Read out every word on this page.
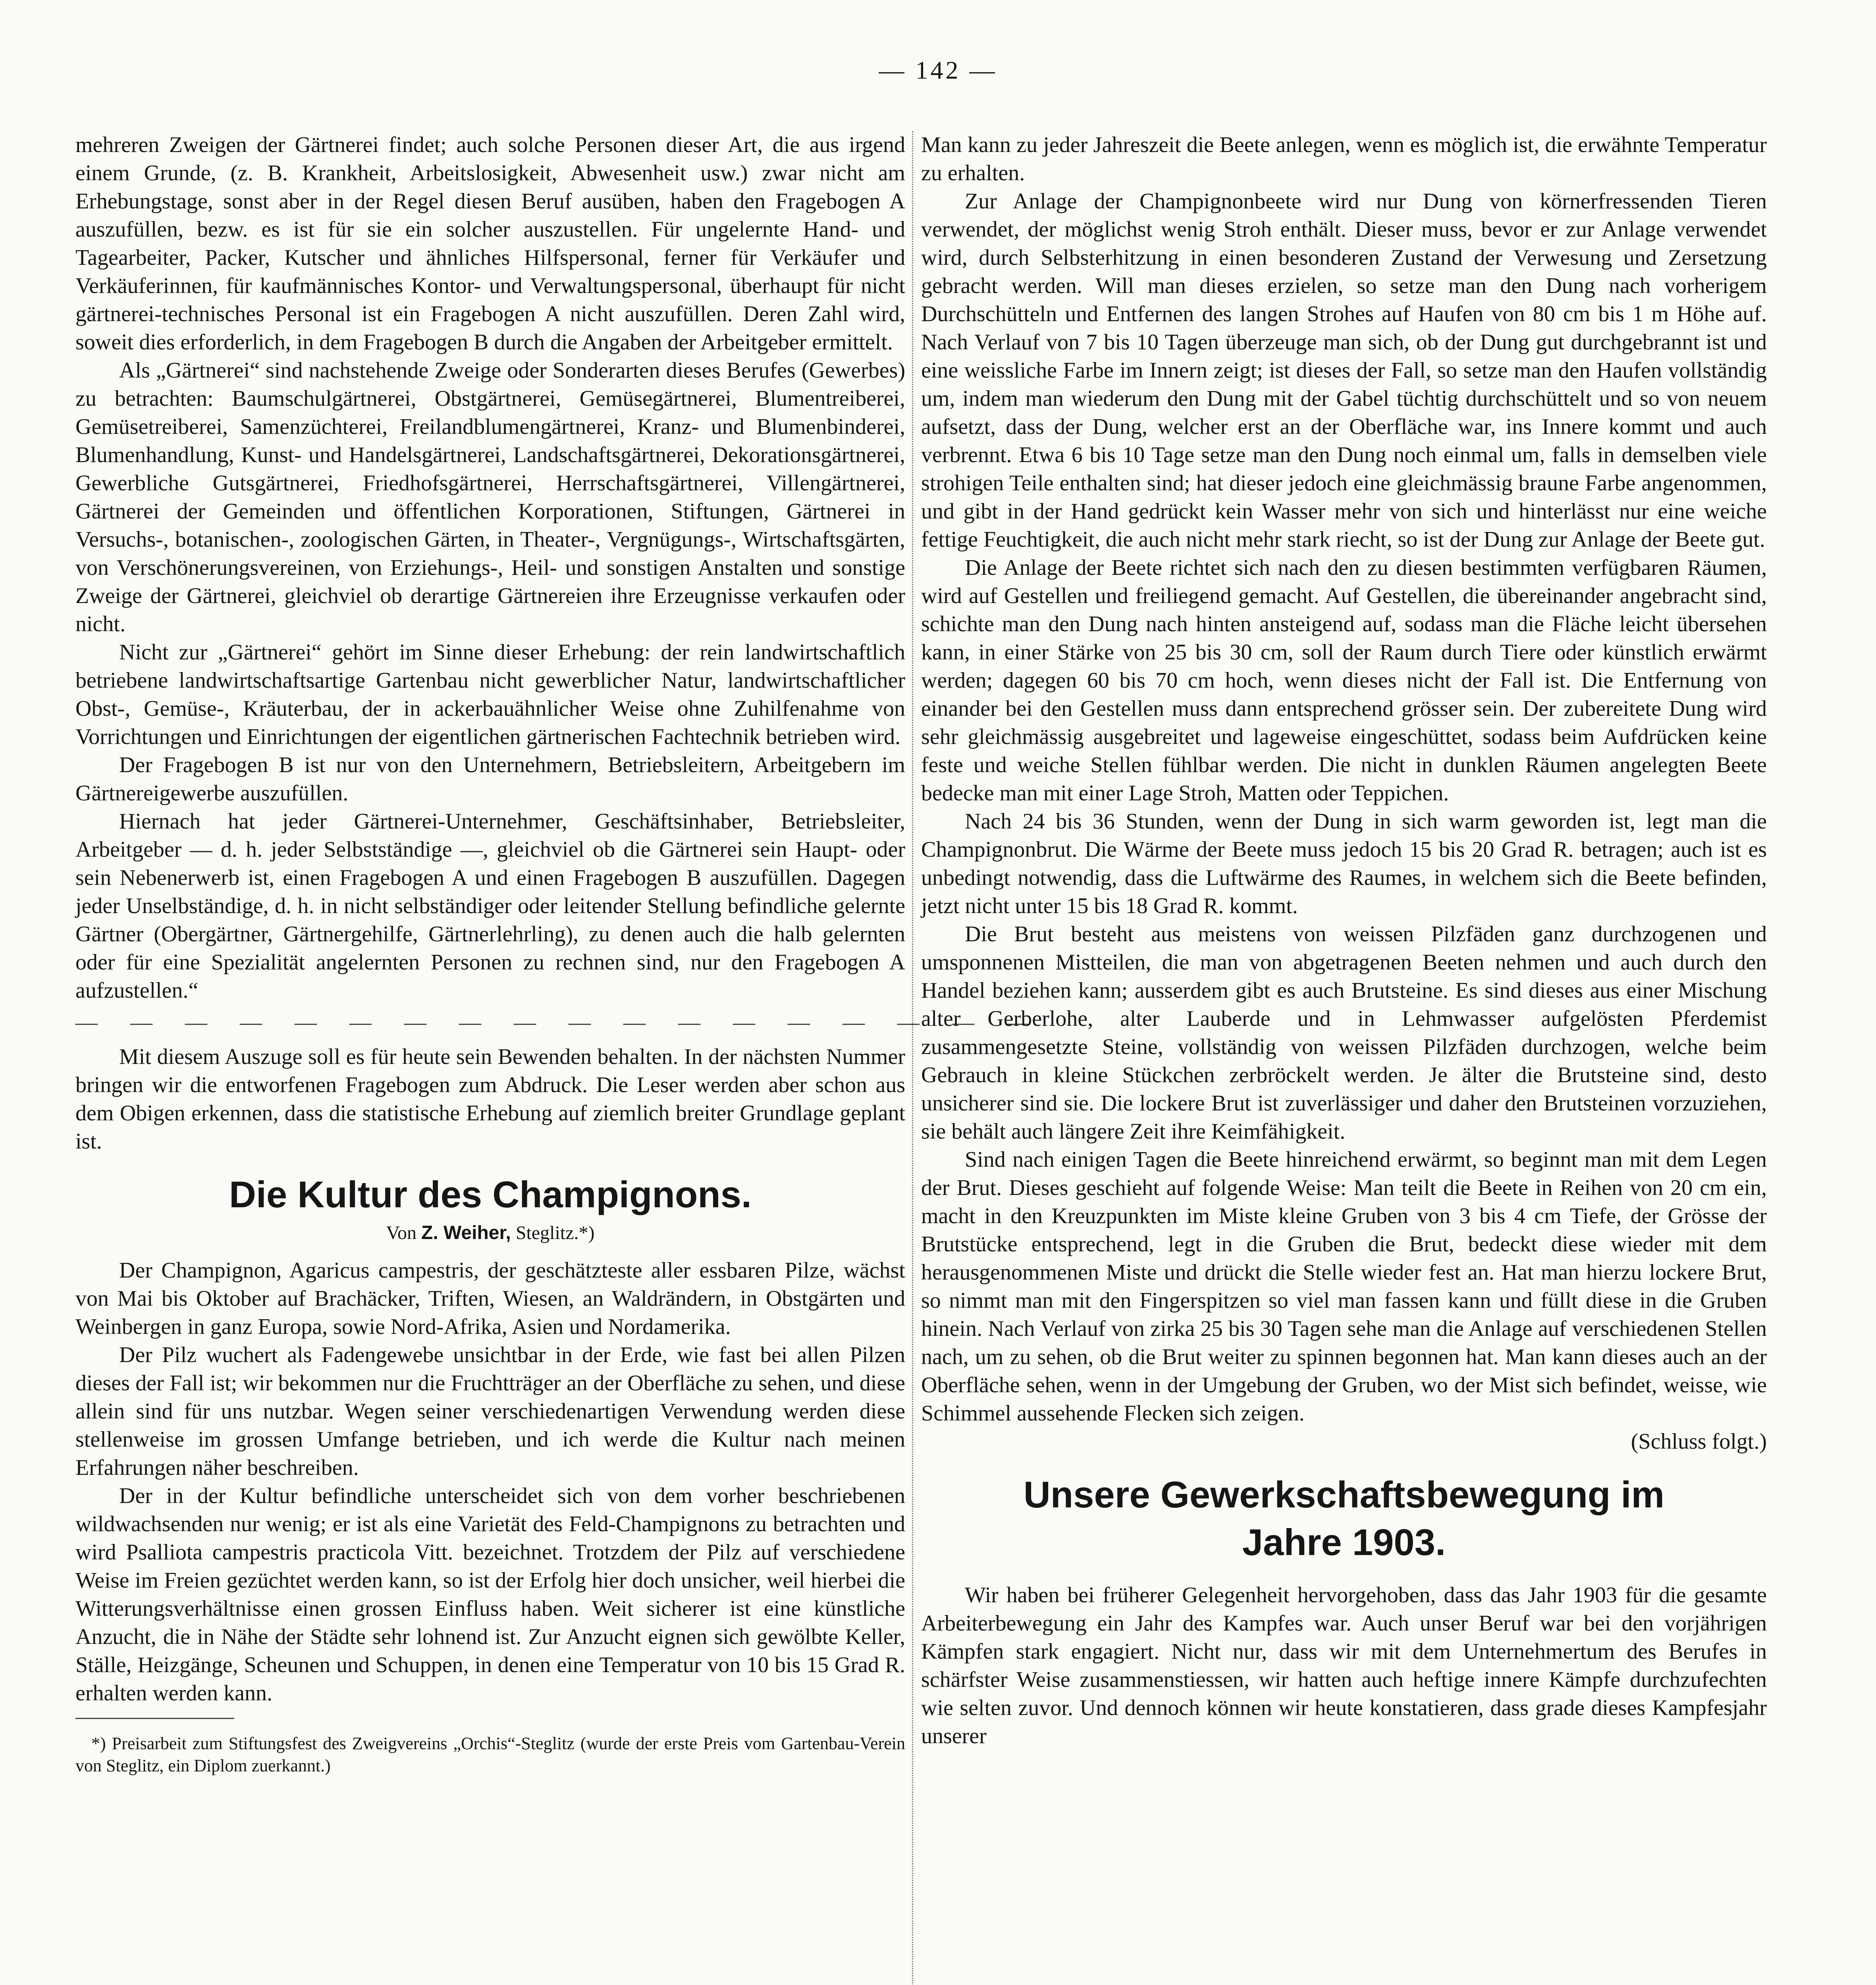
— 142 —

mehreren Zweigen der Gärtnerei findet; auch solche Personen dieser Art, die aus irgend einem Grunde, (z. B. Krankheit, Arbeitslosigkeit, Abwesenheit usw.) zwar nicht am Erhebungstage, sonst aber in der Regel diesen Beruf ausüben, haben den Fragebogen A auszufüllen, bezw. es ist für sie ein solcher auszustellen. Für ungelernte Hand- und Tagearbeiter, Packer, Kutscher und ähnliches Hilfspersonal, ferner für Verkäufer und Verkäuferinnen, für kaufmännisches Kontor- und Verwaltungspersonal, überhaupt für nicht gärtnerei-technisches Personal ist ein Fragebogen A nicht auszufüllen. Deren Zahl wird, soweit dies erforderlich, in dem Fragebogen B durch die Angaben der Arbeitgeber ermittelt.

Als „Gärtnerei“ sind nachstehende Zweige oder Sonderarten dieses Berufes (Gewerbes) zu betrachten: Baumschulgärtnerei, Obstgärtnerei, Gemüsegärtnerei, Blumentreiberei, Gemüsetreiberei, Samenzüchterei, Freilandblumengärtnerei, Kranz- und Blumenbinderei, Blumenhandlung, Kunst- und Handelsgärtnerei, Landschaftsgärtnerei, Dekorationsgärtnerei, Gewerbliche Gutsgärtnerei, Friedhofsgärtnerei, Herrschaftsgärtnerei, Villengärtnerei, Gärtnerei der Gemeinden und öffentlichen Korporationen, Stiftungen, Gärtnerei in Versuchs-, botanischen-, zoologischen Gärten, in Theater-, Vergnügungs-, Wirtschaftsgärten, von Verschönerungsvereinen, von Erziehungs-, Heil- und sonstigen Anstalten und sonstige Zweige der Gärtnerei, gleichviel ob derartige Gärtnereien ihre Erzeugnisse verkaufen oder nicht.

Nicht zur „Gärtnerei“ gehört im Sinne dieser Erhebung: der rein landwirtschaftlich betriebene landwirtschaftsartige Gartenbau nicht gewerblicher Natur, landwirtschaftlicher Obst-, Gemüse-, Kräuterbau, der in ackerbauähnlicher Weise ohne Zuhilfenahme von Vorrichtungen und Einrichtungen der eigentlichen gärtnerischen Fachtechnik betrieben wird.

Der Fragebogen B ist nur von den Unternehmern, Betriebsleitern, Arbeitgebern im Gärtnereigewerbe auszufüllen.

Hiernach hat jeder Gärtnerei-Unternehmer, Geschäftsinhaber, Betriebsleiter, Arbeitgeber — d. h. jeder Selbstständige —, gleichviel ob die Gärtnerei sein Haupt- oder sein Nebenerwerb ist, einen Fragebogen A und einen Fragebogen B auszufüllen. Dagegen jeder Unselbständige, d. h. in nicht selbständiger oder leitender Stellung befindliche gelernte Gärtner (Obergärtner, Gärtnergehilfe, Gärtnerlehrling), zu denen auch die halb gelernten oder für eine Spezialität angelernten Personen zu rechnen sind, nur den Fragebogen A aufzustellen.“

— — — — — — — — — — — — — — — — — —

Mit diesem Auszuge soll es für heute sein Bewenden behalten. In der nächsten Nummer bringen wir die entworfenen Fragebogen zum Abdruck. Die Leser werden aber schon aus dem Obigen erkennen, dass die statistische Erhebung auf ziemlich breiter Grundlage geplant ist.

Die Kultur des Champignons.
Von Z. Weiher, Steglitz.*)

Der Champignon, Agaricus campestris, der geschätzteste aller essbaren Pilze, wächst von Mai bis Oktober auf Brachäcker, Triften, Wiesen, an Waldrändern, in Obstgärten und Weinbergen in ganz Europa, sowie Nord-Afrika, Asien und Nordamerika.

Der Pilz wuchert als Fadengewebe unsichtbar in der Erde, wie fast bei allen Pilzen dieses der Fall ist; wir bekommen nur die Fruchtträger an der Oberfläche zu sehen, und diese allein sind für uns nutzbar. Wegen seiner verschiedenartigen Verwendung werden diese stellenweise im grossen Umfange betrieben, und ich werde die Kultur nach meinen Erfahrungen näher beschreiben.

Der in der Kultur befindliche unterscheidet sich von dem vorher beschriebenen wildwachsenden nur wenig; er ist als eine Varietät des Feld-Champignons zu betrachten und wird Psalliota campestris practicola Vitt. bezeichnet. Trotzdem der Pilz auf verschiedene Weise im Freien gezüchtet werden kann, so ist der Erfolg hier doch unsicher, weil hierbei die Witterungsverhältnisse einen grossen Einfluss haben. Weit sicherer ist eine künstliche Anzucht, die in Nähe der Städte sehr lohnend ist. Zur Anzucht eignen sich gewölbte Keller, Ställe, Heizgänge, Scheunen und Schuppen, in denen eine Temperatur von 10 bis 15 Grad R. erhalten werden kann.

*) Preisarbeit zum Stiftungsfest des Zweigvereins „Orchis“-Steglitz (wurde der erste Preis vom Gartenbau-Verein von Steglitz, ein Diplom zuerkannt.)

Man kann zu jeder Jahreszeit die Beete anlegen, wenn es möglich ist, die erwähnte Temperatur zu erhalten.

Zur Anlage der Champignonbeete wird nur Dung von körnerfressenden Tieren verwendet, der möglichst wenig Stroh enthält. Dieser muss, bevor er zur Anlage verwendet wird, durch Selbsterhitzung in einen besonderen Zustand der Verwesung und Zersetzung gebracht werden. Will man dieses erzielen, so setze man den Dung nach vorherigem Durchschütteln und Entfernen des langen Strohes auf Haufen von 80 cm bis 1 m Höhe auf. Nach Verlauf von 7 bis 10 Tagen überzeuge man sich, ob der Dung gut durchgebrannt ist und eine weissliche Farbe im Innern zeigt; ist dieses der Fall, so setze man den Haufen vollständig um, indem man wiederum den Dung mit der Gabel tüchtig durchschüttelt und so von neuem aufsetzt, dass der Dung, welcher erst an der Oberfläche war, ins Innere kommt und auch verbrennt. Etwa 6 bis 10 Tage setze man den Dung noch einmal um, falls in demselben viele strohigen Teile enthalten sind; hat dieser jedoch eine gleichmässig braune Farbe angenommen, und gibt in der Hand gedrückt kein Wasser mehr von sich und hinterlässt nur eine weiche fettige Feuchtigkeit, die auch nicht mehr stark riecht, so ist der Dung zur Anlage der Beete gut.

Die Anlage der Beete richtet sich nach den zu diesen bestimmten verfügbaren Räumen, wird auf Gestellen und freiliegend gemacht. Auf Gestellen, die übereinander angebracht sind, schichte man den Dung nach hinten ansteigend auf, sodass man die Fläche leicht übersehen kann, in einer Stärke von 25 bis 30 cm, soll der Raum durch Tiere oder künstlich erwärmt werden; dagegen 60 bis 70 cm hoch, wenn dieses nicht der Fall ist. Die Entfernung von einander bei den Gestellen muss dann entsprechend grösser sein. Der zubereitete Dung wird sehr gleichmässig ausgebreitet und lageweise eingeschüttet, sodass beim Aufdrücken keine feste und weiche Stellen fühlbar werden. Die nicht in dunklen Räumen angelegten Beete bedecke man mit einer Lage Stroh, Matten oder Teppichen.

Nach 24 bis 36 Stunden, wenn der Dung in sich warm geworden ist, legt man die Champignonbrut. Die Wärme der Beete muss jedoch 15 bis 20 Grad R. betragen; auch ist es unbedingt notwendig, dass die Luftwärme des Raumes, in welchem sich die Beete befinden, jetzt nicht unter 15 bis 18 Grad R. kommt.

Die Brut besteht aus meistens von weissen Pilzfäden ganz durchzogenen und umsponnenen Mistteilen, die man von abgetragenen Beeten nehmen und auch durch den Handel beziehen kann; ausserdem gibt es auch Brutsteine. Es sind dieses aus einer Mischung alter Gerberlohe, alter Lauberde und in Lehmwasser aufgelösten Pferdemist zusammengesetzte Steine, vollständig von weissen Pilzfäden durchzogen, welche beim Gebrauch in kleine Stückchen zerbröckelt werden. Je älter die Brutsteine sind, desto unsicherer sind sie. Die lockere Brut ist zuverlässiger und daher den Brutsteinen vorzuziehen, sie behält auch längere Zeit ihre Keimfähigkeit.

Sind nach einigen Tagen die Beete hinreichend erwärmt, so beginnt man mit dem Legen der Brut. Dieses geschieht auf folgende Weise: Man teilt die Beete in Reihen von 20 cm ein, macht in den Kreuzpunkten im Miste kleine Gruben von 3 bis 4 cm Tiefe, der Grösse der Brutstücke entsprechend, legt in die Gruben die Brut, bedeckt diese wieder mit dem herausgenommenen Miste und drückt die Stelle wieder fest an. Hat man hierzu lockere Brut, so nimmt man mit den Fingerspitzen so viel man fassen kann und füllt diese in die Gruben hinein. Nach Verlauf von zirka 25 bis 30 Tagen sehe man die Anlage auf verschiedenen Stellen nach, um zu sehen, ob die Brut weiter zu spinnen begonnen hat. Man kann dieses auch an der Oberfläche sehen, wenn in der Umgebung der Gruben, wo der Mist sich befindet, weisse, wie Schimmel aussehende Flecken sich zeigen.

(Schluss folgt.)

Unsere Gewerkschaftsbewegung im
Jahre 1903.

Wir haben bei früherer Gelegenheit hervorgehoben, dass das Jahr 1903 für die gesamte Arbeiterbewegung ein Jahr des Kampfes war. Auch unser Beruf war bei den vorjährigen Kämpfen stark engagiert. Nicht nur, dass wir mit dem Unternehmertum des Berufes in schärfster Weise zusammenstiessen, wir hatten auch heftige innere Kämpfe durchzufechten wie selten zuvor. Und dennoch können wir heute konstatieren, dass grade dieses Kampfesjahr unserer
